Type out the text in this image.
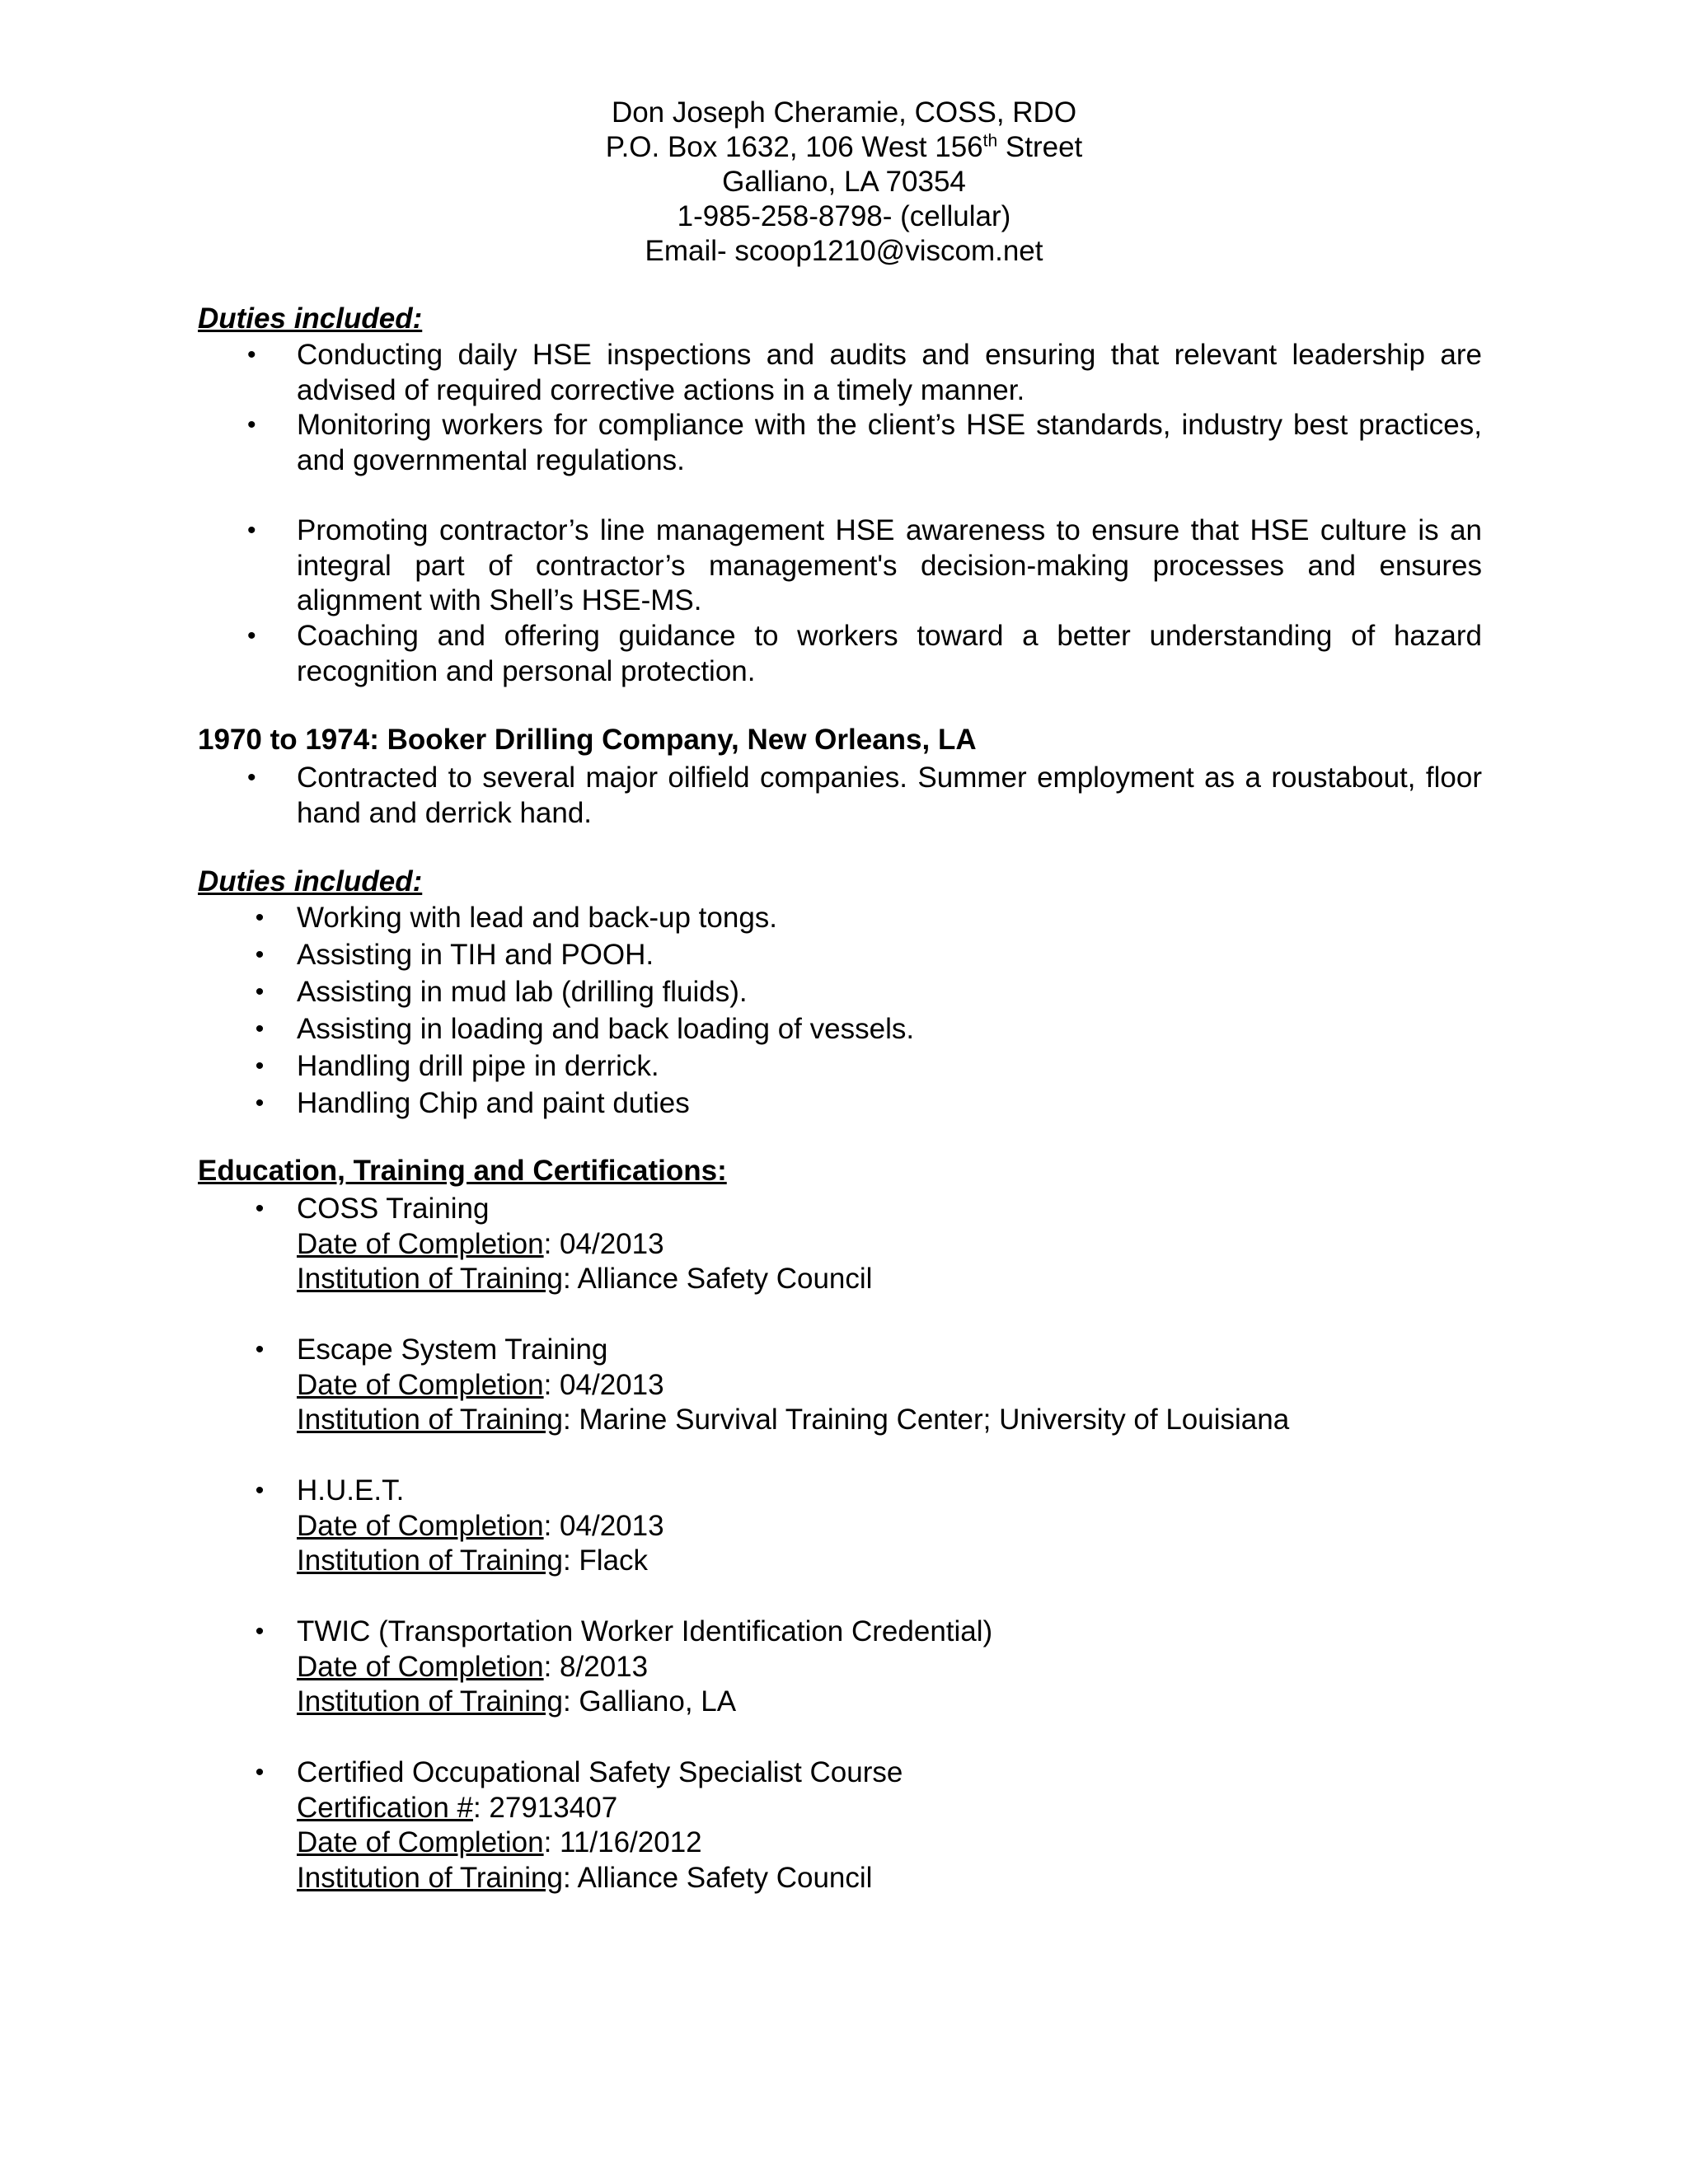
Don Joseph Cheramie, COSS, RDO
P.O. Box 1632, 106 West 156th Street
Galliano, LA 70354
1-985-258-8798- (cellular)
Email- scoop1210@viscom.net
Duties included:
•	Conducting daily HSE inspections and audits and ensuring that relevant leadership are advised of required corrective actions in a timely manner.
•	Monitoring workers for compliance with the client’s HSE standards, industry best practices, and governmental regulations.
•	Promoting contractor’s line management HSE awareness to ensure that HSE culture is an integral part of contractor’s management's decision-making processes and ensures alignment with Shell’s HSE-MS.
•	Coaching and offering guidance to workers toward a better understanding of hazard recognition and personal protection.
1970 to 1974: Booker Drilling Company, New Orleans, LA
•	Contracted to several major oilfield companies. Summer employment as a roustabout, floor hand and derrick hand.
Duties included:
• Working with lead and back-up tongs.
• Assisting in TIH and POOH.
• Assisting in mud lab (drilling fluids).
• Assisting in loading and back loading of vessels.
• Handling drill pipe in derrick.
• Handling Chip and paint duties
Education, Training and Certifications:
• COSS Training
Date of Completion: 04/2013
Institution of Training: Alliance Safety Council
• Escape System Training
Date of Completion: 04/2013
Institution of Training: Marine Survival Training Center; University of Louisiana
• H.U.E.T.
Date of Completion: 04/2013
Institution of Training: Flack
• TWIC (Transportation Worker Identification Credential)
Date of Completion: 8/2013
Institution of Training: Galliano, LA
• Certified Occupational Safety Specialist Course
Certification #: 27913407
Date of Completion: 11/16/2012
Institution of Training: Alliance Safety Council
